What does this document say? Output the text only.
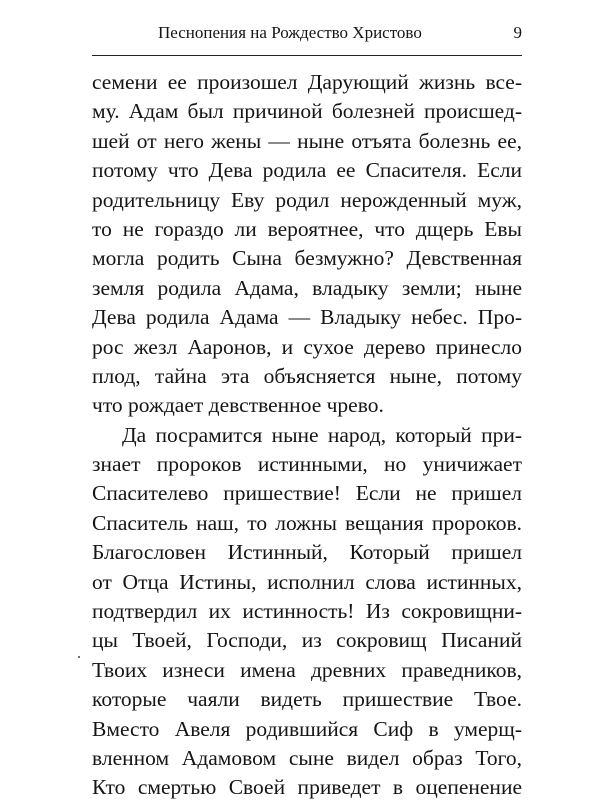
Песнопения на Рождество Христово	9
семени ее произошел Дарующий жизнь все-
му. Адам был причиной болезней происшед-
шей от него жены — ныне отъята болезнь ее,
потому что Дева родила ее Спасителя. Если
родительницу Еву родил нерожденный муж,
то не гораздо ли вероятнее, что дщерь Евы
могла родить Сына безмужно? Девственная
земля родила Адама, владыку земли; ныне
Дева родила Адама — Владыку небес. Про-
рос жезл Ааронов, и сухое дерево принесло
плод, тайна эта объясняется ныне, потому
что рождает девственное чрево.
Да посрамится ныне народ, который при-
знает пророков истинными, но уничижает
Спасителево пришествие! Если не пришел
Спаситель наш, то ложны вещания пророков.
Благословен Истинный, Который пришел
от Отца Истины, исполнил слова истинных,
подтвердил их истинность! Из сокровищни-
цы Твоей, Господи, из сокровищ Писаний
Твоих изнеси имена древних праведников,
которые чаяли видеть пришествие Твое.
Вместо Авеля родившийся Сиф в умерщ-
вленном Адамовом сыне видел образ Того,
Кто смертью Своей приведет в оцепенение
